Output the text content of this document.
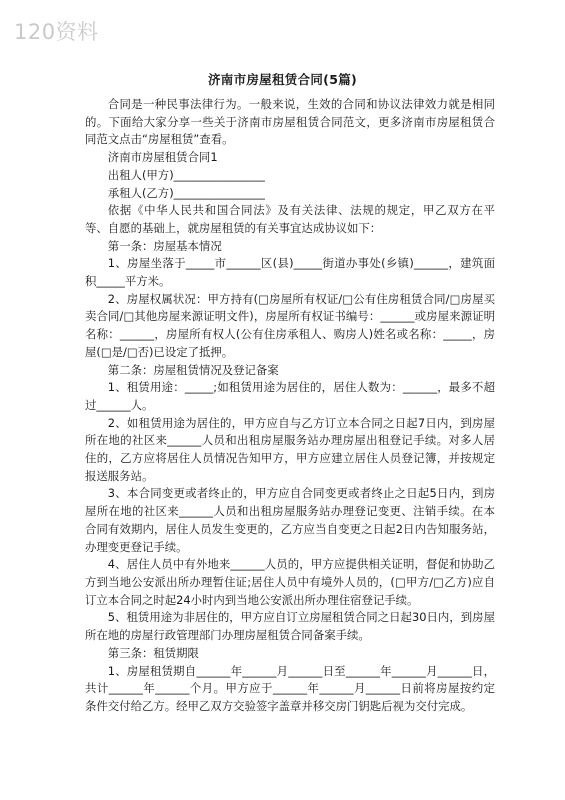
120资料
济南市房屋租赁合同(5篇)

合同是一种民事法律行为。一般来说，生效的合同和协议法律效力就是相同的。下面给大家分享一些关于济南市房屋租赁合同范文，更多济南市房屋租赁合同范文点击“房屋租赁”查看。

济南市房屋租赁合同1

出租人(甲方)________________

承租人(乙方)________________

依据《中华人民共和国合同法》及有关法律、法规的规定，甲乙双方在平等、自愿的基础上，就房屋租赁的有关事宜达成协议如下：

第一条：房屋基本情况

1、房屋坐落于_____市______区(县)_____街道办事处(乡镇)______，建筑面积_____平方米。

2、房屋权属状况：甲方持有(□房屋所有权证/□公有住房租赁合同/□房屋买卖合同/□其他房屋来源证明文件)，房屋所有权证书编号：______或房屋来源证明名称：______，房屋所有权人(公有住房承租人、购房人)姓名或名称：_____，房屋(□是/□否)已设定了抵押。

第二条：房屋租赁情况及登记备案

1、租赁用途：_____;如租赁用途为居住的，居住人数为：______，最多不超过______人。

2、如租赁用途为居住的，甲方应自与乙方订立本合同之日起7日内，到房屋所在地的社区来______人员和出租房屋服务站办理房屋出租登记手续。对多人居住的，乙方应将居住人员情况告知甲方，甲方应建立居住人员登记簿，并按规定报送服务站。

3、本合同变更或者终止的，甲方应自合同变更或者终止之日起5日内，到房屋所在地的社区来______人员和出租房屋服务站办理登记变更、注销手续。在本合同有效期内，居住人员发生变更的，乙方应当自变更之日起2日内告知服务站，办理变更登记手续。

4、居住人员中有外地来______人员的，甲方应提供相关证明，督促和协助乙方到当地公安派出所办理暂住证;居住人员中有境外人员的，(□甲方/□乙方)应自订立本合同之时起24小时内到当地公安派出所办理住宿登记手续。

5、租赁用途为非居住的，甲方应自订立房屋租赁合同之日起30日内，到房屋所在地的房屋行政管理部门办理房屋租赁合同备案手续。

第三条：租赁期限

1、房屋租赁期自______年______月______日至______年______月______日，共计______年______个月。甲方应于______年______月______日前将房屋按约定条件交付给乙方。经甲乙双方交验签字盖章并移交房门钥匙后视为交付完成。
